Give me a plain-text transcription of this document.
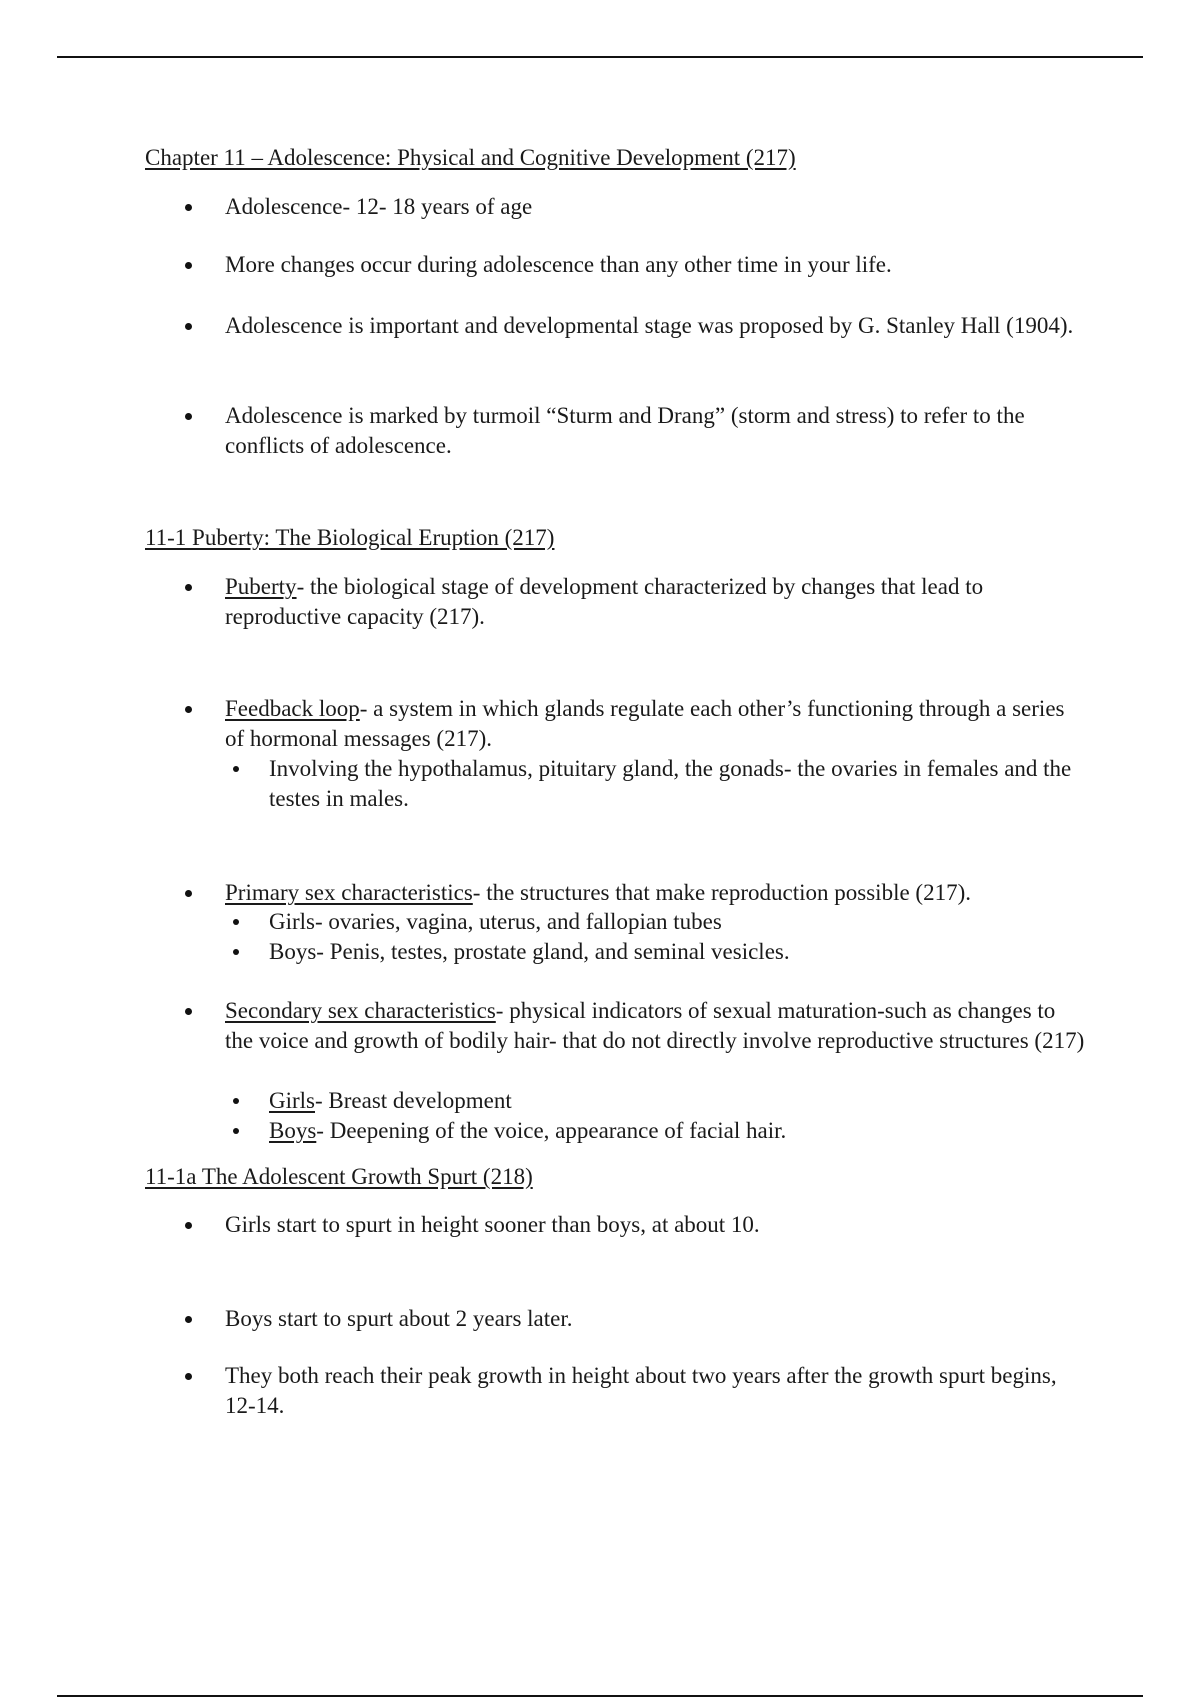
Chapter 11 – Adolescence: Physical and Cognitive Development (217)
Adolescence- 12- 18 years of age
More changes occur during adolescence than any other time in your life.
Adolescence is important and developmental stage was proposed by G. Stanley Hall (1904).
Adolescence is marked by turmoil “Sturm and Drang” (storm and stress) to refer to the conflicts of adolescence.
11-1 Puberty: The Biological Eruption (217)
Puberty- the biological stage of development characterized by changes that lead to reproductive capacity (217).
Feedback loop- a system in which glands regulate each other’s functioning through a series of hormonal messages (217).
Involving the hypothalamus, pituitary gland, the gonads- the ovaries in females and the testes in males.
Primary sex characteristics- the structures that make reproduction possible (217).
Girls- ovaries, vagina, uterus, and fallopian tubes
Boys- Penis, testes, prostate gland, and seminal vesicles.
Secondary sex characteristics- physical indicators of sexual maturation-such as changes to the voice and growth of bodily hair- that do not directly involve reproductive structures (217)
Girls- Breast development
Boys- Deepening of the voice, appearance of facial hair.
11-1a The Adolescent Growth Spurt (218)
Girls start to spurt in height sooner than boys, at about 10.
Boys start to spurt about 2 years later.
They both reach their peak growth in height about two years after the growth spurt begins, 12-14.
